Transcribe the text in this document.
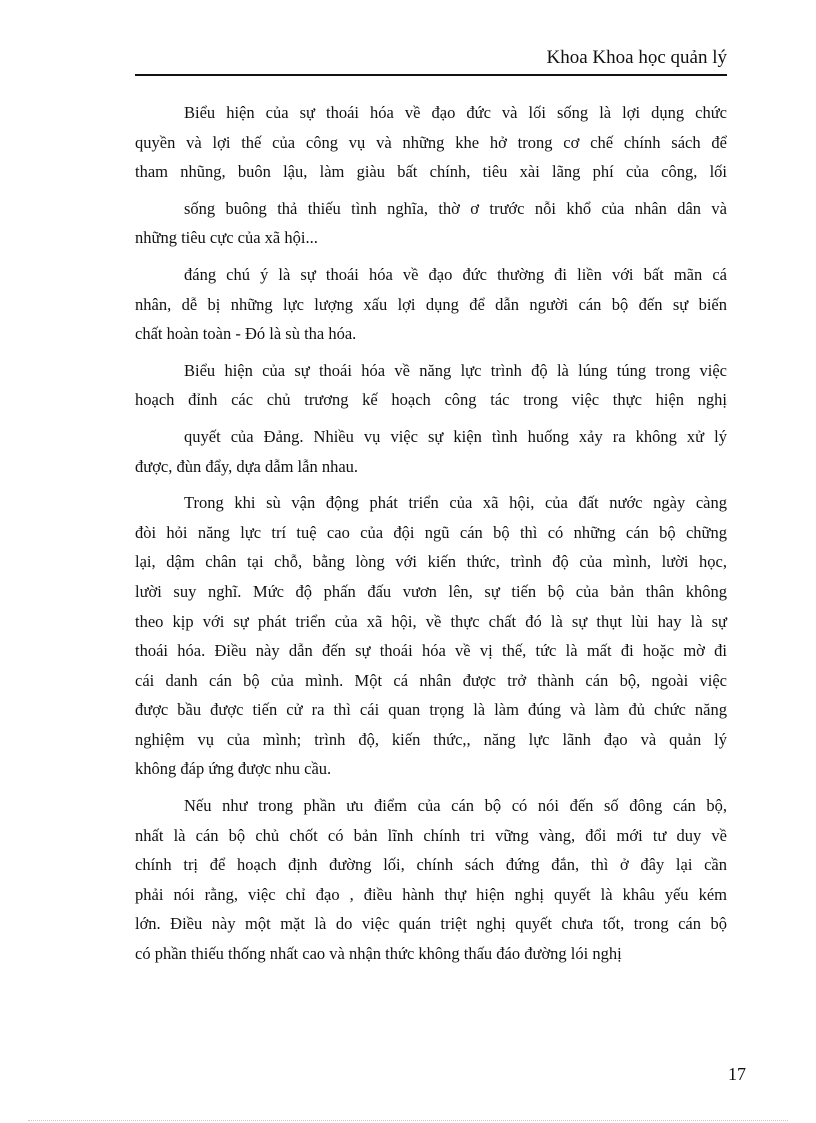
Khoa Khoa học quản lý

Biểu hiện của sự thoái hóa về đạo đức và lối sống là lợi dụng chức
quyền và lợi thế của công vụ và những khe hở trong cơ chế chính sách để
tham nhũng, buôn lậu, làm giàu bất chính, tiêu xài lãng phí của công, lối

sống buông thả thiếu tình nghĩa, thờ ơ trước nỗi khổ của nhân dân và
những tiêu cực của xã hội...

đáng chú ý là sự thoái hóa về đạo đức thường đi liền với bất mãn cá
nhân, dễ bị những lực lượng xấu lợi dụng để dẫn người cán bộ đến sự biến
chất hoàn toàn - Đó là sù tha hóa.

Biểu hiện của sự thoái hóa về năng lực trình độ là lúng túng trong việc
hoạch đỉnh các chủ trương kế hoạch công tác trong việc thực hiện nghị

quyết của Đảng. Nhiều vụ việc sự kiện tình huống xảy ra không xử lý
được, đùn đẩy, dựa dẫm lẫn nhau.

Trong khi sù vận động phát triển của xã hội, của đất nước ngày càng
đòi hỏi năng lực trí tuệ cao của đội ngũ cán bộ thì có những cán bộ chững
lại, dậm chân tại chỗ, bằng lòng với kiến thức, trình độ của mình, lười học,
lười suy nghĩ. Mức độ phấn đấu vươn lên, sự tiến bộ của bản thân không
theo kịp với sự phát triển của xã hội, về thực chất đó là sự thụt lùi hay là sự
thoái hóa. Điều này dẫn đến sự thoái hóa về vị thế, tức là mất đi hoặc mờ đi
cái danh cán bộ của mình. Một cá nhân được trở thành cán bộ, ngoài việc
được bầu được tiến cử ra thì cái quan trọng là làm đúng và làm đủ chức năng
nghiệm vụ của mình; trình độ, kiến thức,, năng lực lãnh đạo và quản lý
không đáp ứng được nhu cầu.

Nếu như trong phần ưu điểm của cán bộ có nói đến số đông cán bộ,
nhất là cán bộ chủ chốt có bản lĩnh chính tri vững vàng, đổi mới tư duy về
chính trị để hoạch định đường lối, chính sách đứng đắn, thì ở đây lại cần
phải nói rằng, việc chỉ đạo , điều hành thự hiện nghị quyết là khâu yếu kém
lớn. Điều này một mặt là do việc quán triệt nghị quyết chưa tốt, trong cán bộ
có phần thiếu thống nhất cao và nhận thức không thấu đáo đường lói nghị

17
